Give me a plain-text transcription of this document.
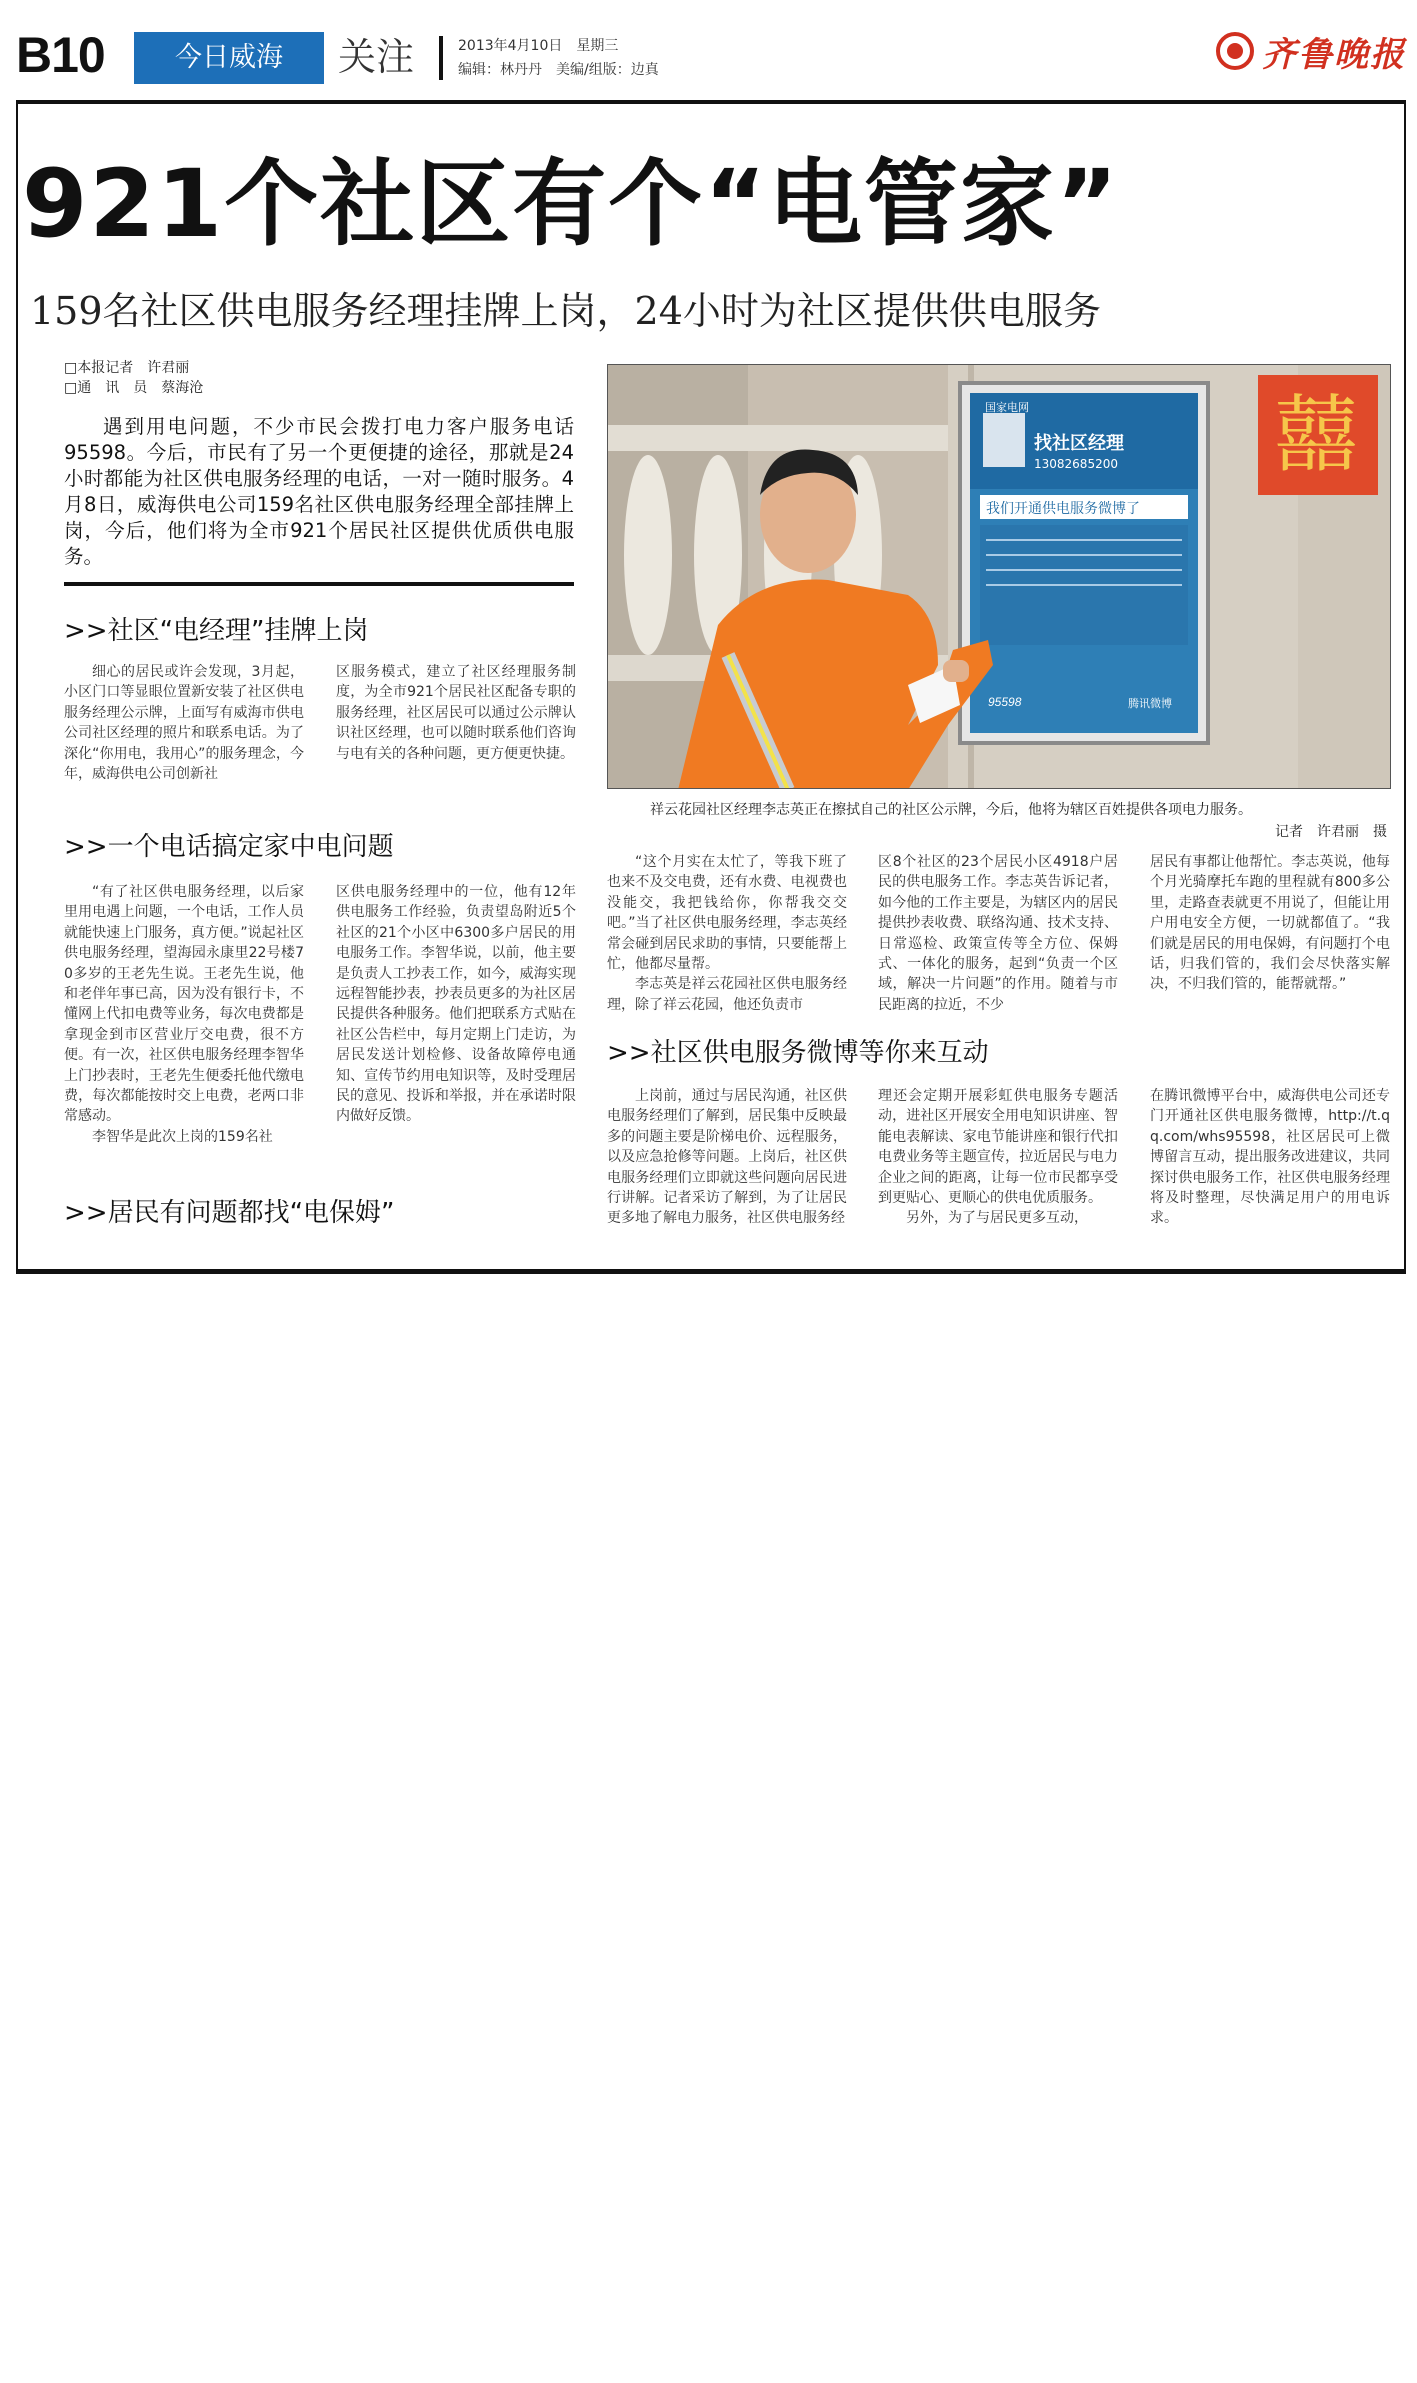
B10	今日威海	关注	2013年4月10日　星期三
编辑：林丹丹　美编/组版：边真	齐鲁晚报
921个社区有个“电管家”
159名社区供电服务经理挂牌上岗，24小时为社区提供供电服务
□本报记者　许君丽
□通　讯　员　蔡海沧
遇到用电问题，不少市民会拨打电力客户服务电话95598。今后，市民有了另一个更便捷的途径，那就是24小时都能为社区供电服务经理的电话，一对一随时服务。4月8日，威海供电公司159名社区供电服务经理全部挂牌上岗，今后，他们将为全市921个居民社区提供优质供电服务。
>>社区“电经理”挂牌上岗

细心的居民或许会发现，3月起，小区门口等显眼位置新安装了社区供电服务经理公示牌，上面写有威海市供电公司社区经理的照片和联系电话。为了深化“你用电，我用心”的服务理念，今年，威海供电公司创新社

区服务模式，建立了社区经理服务制度，为全市921个居民社区配备专职的服务经理，社区居民可以通过公示牌认识社区经理，也可以随时联系他们咨询与电有关的各种问题，更方便更快捷。
>>一个电话搞定家中电问题

“有了社区供电服务经理，以后家里用电遇上问题，一个电话，工作人员就能快速上门服务，真方便。”说起社区供电服务经理，望海园永康里22号楼70多岁的王老先生说。王老先生说，他和老伴年事已高，因为没有银行卡，不懂网上代扣电费等业务，每次电费都是拿现金到市区营业厅交电费，很不方便。有一次，社区供电服务经理李智华上门抄表时，王老先生便委托他代缴电费，每次都能按时交上电费，老两口非常感动。

李智华是此次上岗的159名社

区供电服务经理中的一位，他有12年供电服务工作经验，负责望岛附近5个社区的21个小区中6300多户居民的用电服务工作。李智华说，以前，他主要是负责人工抄表工作，如今，威海实现远程智能抄表，抄表员更多的为社区居民提供各种服务。他们把联系方式贴在社区公告栏中，每月定期上门走访，为居民发送计划检修、设备故障停电通知、宣传节约用电知识等，及时受理居民的意见、投诉和举报，并在承诺时限内做好反馈。
>>居民有问题都找“电保姆”
国家电网
找社区经理
13082685200
我们开通供电服务微博了
95598	腾讯微博
囍
祥云花园社区经理李志英正在擦拭自己的社区公示牌，今后，他将为辖区百姓提供各项电力服务。
记者　许君丽　摄

“这个月实在太忙了，等我下班了也来不及交电费，还有水费、电视费也没能交，我把钱给你，你帮我交交吧。”当了社区供电服务经理，李志英经常会碰到居民求助的事情，只要能帮上忙，他都尽量帮。

李志英是祥云花园社区供电服务经理，除了祥云花园，他还负责市

区8个社区的23个居民小区4918户居民的供电服务工作。李志英告诉记者，如今他的工作主要是，为辖区内的居民提供抄表收费、联络沟通、技术支持、日常巡检、政策宣传等全方位、保姆式、一体化的服务，起到“负责一个区域，解决一片问题”的作用。随着与市民距离的拉近，不少
居民有事都让他帮忙。李志英说，他每个月光骑摩托车跑的里程就有800多公里，走路查表就更不用说了，但能让用户用电安全方便，一切就都值了。“我们就是居民的用电保姆，有问题打个电话，归我们管的，我们会尽快落实解决，不归我们管的，能帮就帮。”
>>社区供电服务微博等你来互动

上岗前，通过与居民沟通，社区供电服务经理们了解到，居民集中反映最多的问题主要是阶梯电价、远程服务，以及应急抢修等问题。上岗后，社区供电服务经理们立即就这些问题向居民进行讲解。记者采访了解到，为了让居民更多地了解电力服务，社区供电服务经

理还会定期开展彩虹供电服务专题活动，进社区开展安全用电知识讲座、智能电表解读、家电节能讲座和银行代扣电费业务等主题宣传，拉近居民与电力企业之间的距离，让每一位市民都享受到更贴心、更顺心的供电优质服务。

另外，为了与居民更多互动，

在腾讯微博平台中，威海供电公司还专门开通社区供电服务微博，http://t.qq.com/whs95598，社区居民可上微博留言互动，提出服务改进建议，共同探讨供电服务工作，社区供电服务经理将及时整理，尽快满足用户的用电诉求。
